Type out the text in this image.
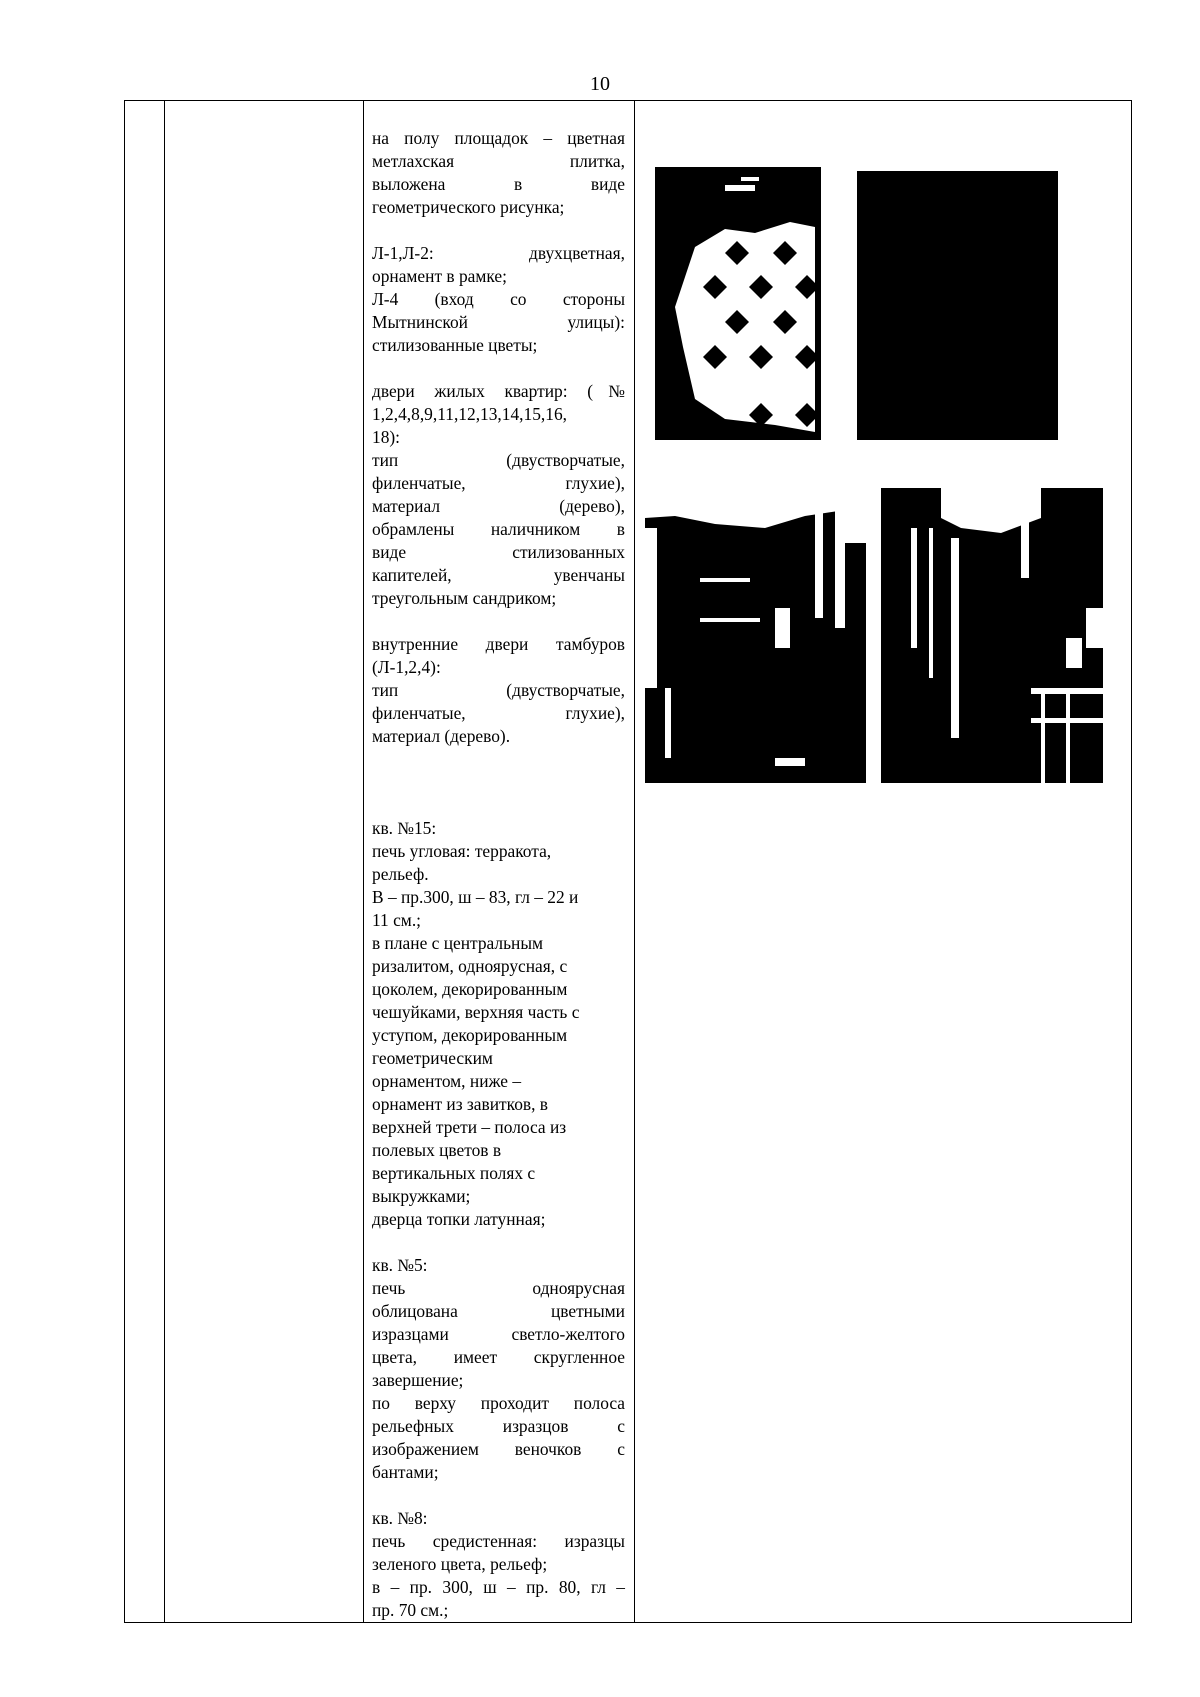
10

на полу площадок – цветная
метлахская плитка,
выложена в виде
геометрического рисунка;
Л-1,Л-2: двухцветная,
орнамент в рамке;
Л-4 (вход со стороны
Мытнинской улицы):
стилизованные цветы;
двери жилых квартир: (№
1,2,4,8,9,11,12,13,14,15,16,
18):
тип (двустворчатые,
филенчатые, глухие),
материал (дерево),
обрамлены наличником в
виде стилизованных
капителей, увенчаны
треугольным сандриком;
внутренние двери тамбуров
(Л-1,2,4):
тип (двустворчатые,
филенчатые, глухие),
материал (дерево).
кв. №15:
печь угловая: терракота,
рельеф.
В – пр.300, ш – 83, гл – 22 и
11 см.;
в плане с центральным
ризалитом, одноярусная, с
цоколем, декорированным
чешуйками, верхняя часть с
уступом, декорированным
геометрическим
орнаментом, ниже –
орнамент из завитков, в
верхней трети – полоса из
полевых цветов в
вертикальных полях с
выкружками;
дверца топки латунная;
кв. №5:
печь одноярусная
облицована цветными
изразцами светло-желтого
цвета, имеет скругленное
завершение;
по верху проходит полоса
рельефных изразцов с
изображением веночков с
бантами;
кв. №8:
печь средистенная: изразцы
зеленого цвета, рельеф;
в – пр. 300, ш – пр. 80, гл –
пр. 70 см.;
